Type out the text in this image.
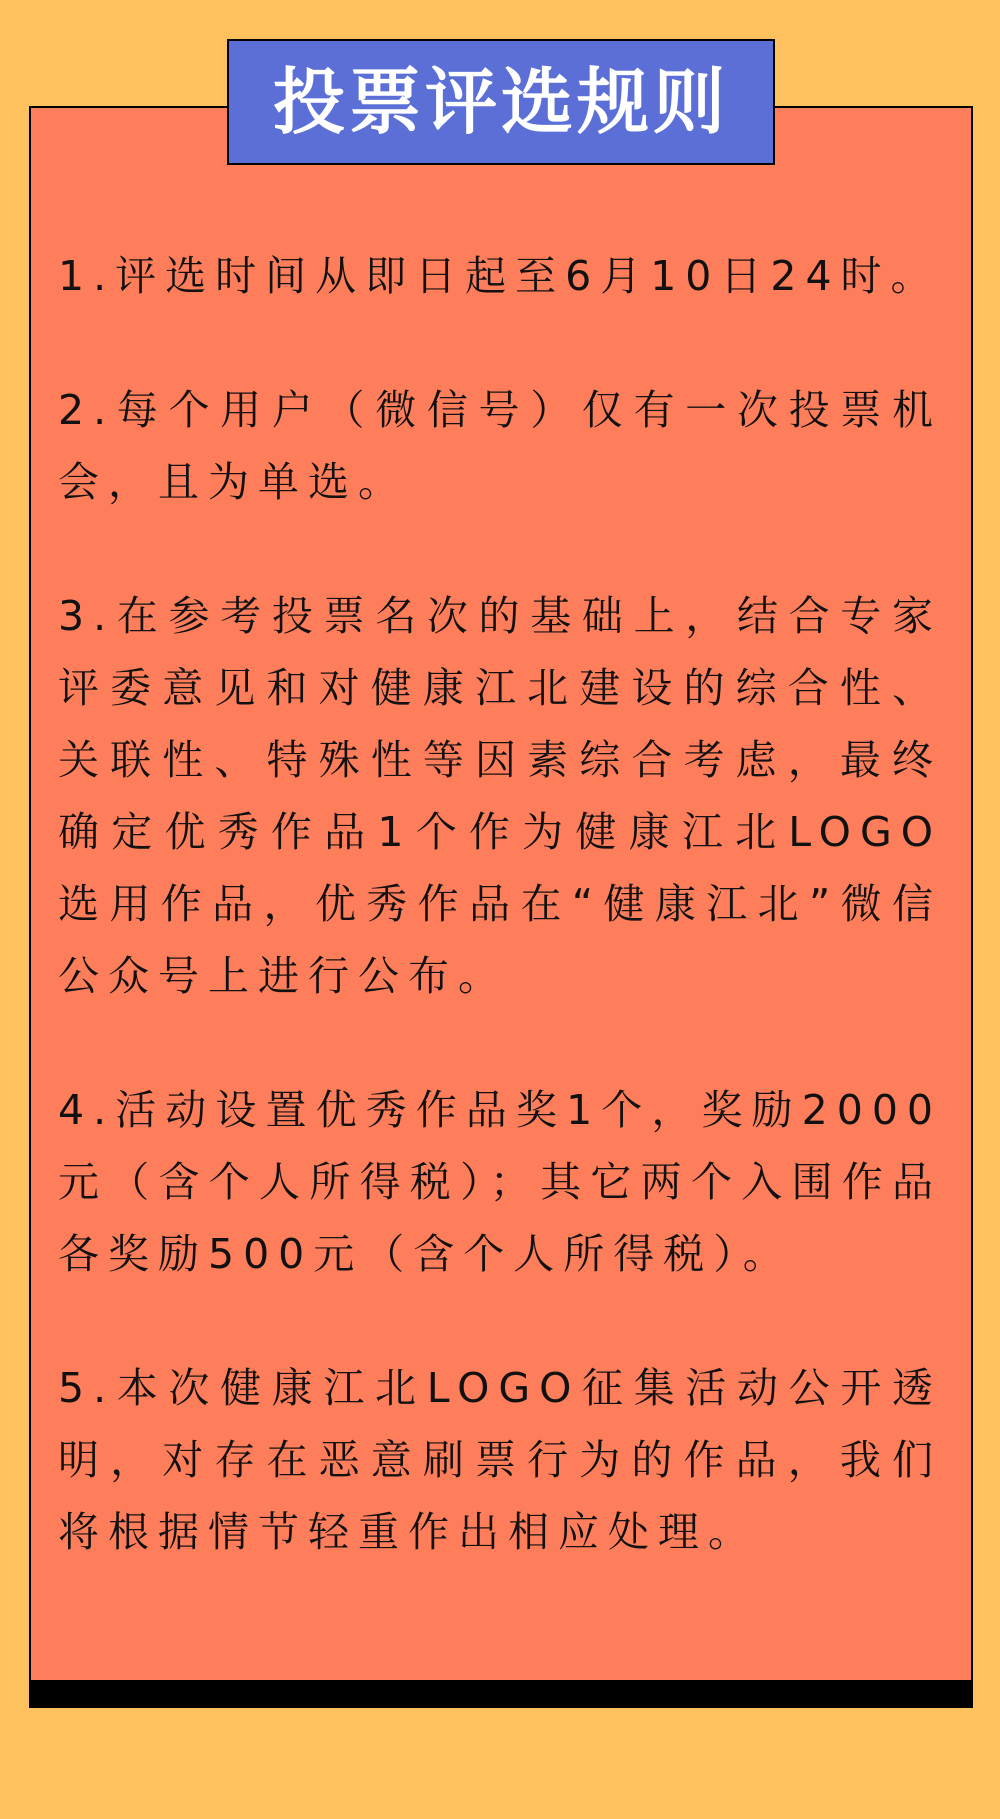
投票评选规则

1.评选时间从即日起至6月10日24时。

2.每个用户（微信号）仅有一次投票机会，且为单选。

3.在参考投票名次的基础上，结合专家评委意见和对健康江北建设的综合性、关联性、特殊性等因素综合考虑，最终确定优秀作品1个作为健康江北LOGO选用作品，优秀作品在“健康江北”微信公众号上进行公布。

4.活动设置优秀作品奖1个，奖励2000元（含个人所得税）；其它两个入围作品各奖励500元（含个人所得税）。

5.本次健康江北LOGO征集活动公开透明，对存在恶意刷票行为的作品，我们将根据情节轻重作出相应处理。
